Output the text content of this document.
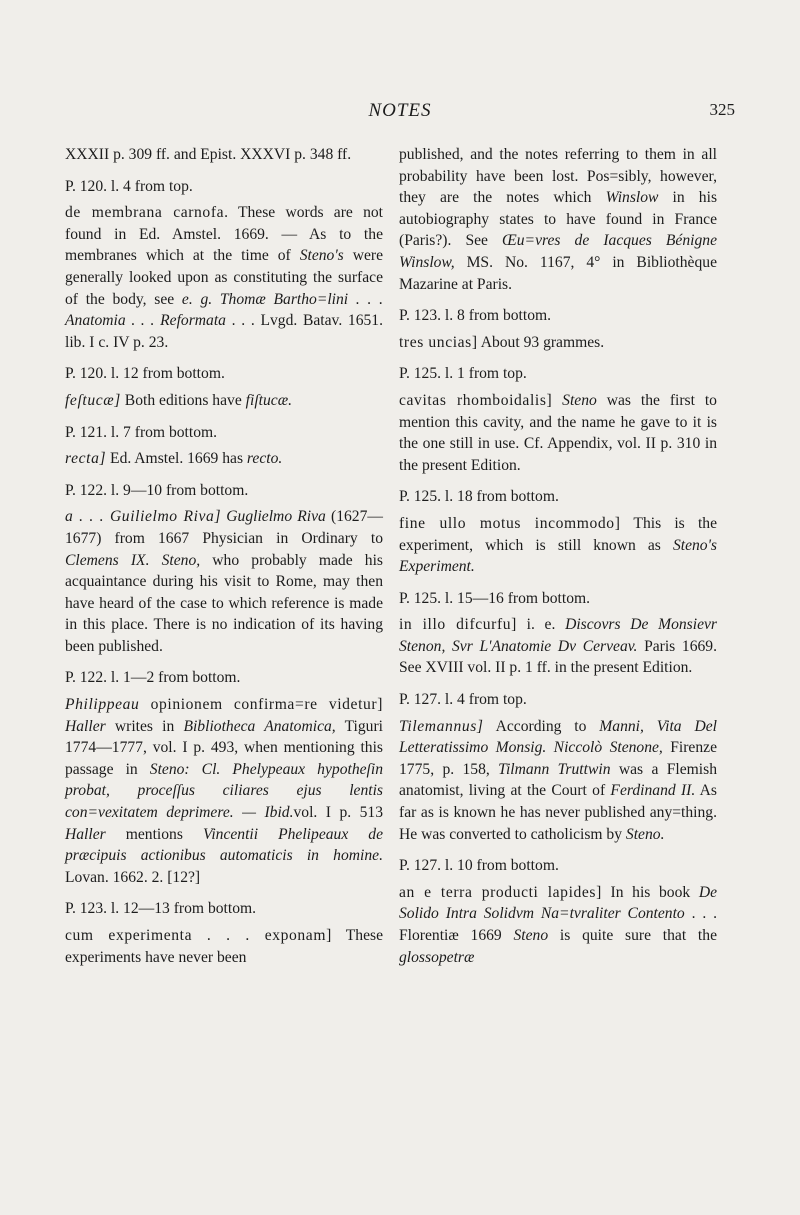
NOTES	325

XXXII p. 309 ff. and Epist. XXXVI p. 348 ff.

P. 120. l. 4 from top.

de membrana carnofa. These words are not found in Ed. Amstel. 1669. — As to the membranes which at the time of Steno's were generally looked upon as constituting the surface of the body, see e. g. Thomæ Bartho=lini . . . Anatomia . . . Reformata . . . Lvgd. Batav. 1651. lib. I c. IV p. 23.

P. 120. l. 12 from bottom.

feſtucæ] Both editions have fiſtucæ.

P. 121. l. 7 from bottom.

recta] Ed. Amstel. 1669 has recto.

P. 122. l. 9—10 from bottom.

a . . . Guilielmo Riva] Guglielmo Riva (1627—1677) from 1667 Physician in Ordinary to Clemens IX. Steno, who probably made his acquaintance during his visit to Rome, may then have heard of the case to which reference is made in this place. There is no indication of its having been published.

P. 122. l. 1—2 from bottom.

Philippeau opinionem confirma=re videtur] Haller writes in Bibliotheca Anatomica, Tiguri 1774—1777, vol. I p. 493, when mentioning this passage in Steno: Cl. Phelypeaux hypotheſin probat, proceſſus ciliares ejus lentis con=vexitatem deprimere. — Ibid.vol. I p. 513 Haller mentions Vincentii Phelipeaux de præcipuis actionibus automaticis in homine. Lovan. 1662. 2. [12?]

P. 123. l. 12—13 from bottom.

cum experimenta . . . exponam] These experiments have never been

published, and the notes referring to them in all probability have been lost. Pos=sibly, however, they are the notes which Winslow in his autobiography states to have found in France (Paris?). See Œu=vres de Iacques Bénigne Winslow, MS. No. 1167, 4° in Bibliothèque Mazarine at Paris.

P. 123. l. 8 from bottom.

tres uncias] About 93 grammes.

P. 125. l. 1 from top.

cavitas rhomboidalis] Steno was the first to mention this cavity, and the name he gave to it is the one still in use. Cf. Appendix, vol. II p. 310 in the present Edition.

P. 125. l. 18 from bottom.

fine ullo motus incommodo] This is the experiment, which is still known as Steno's Experiment.

P. 125. l. 15—16 from bottom.

in illo difcurfu] i. e. Discovrs De Monsievr Stenon, Svr L'Anatomie Dv Cerveav. Paris 1669. See XVIII vol. II p. 1 ff. in the present Edition.

P. 127. l. 4 from top.

Tilemannus] According to Manni, Vita Del Letteratissimo Monsig. Niccolò Stenone, Firenze 1775, p. 158, Tilmann Truttwin was a Flemish anatomist, living at the Court of Ferdinand II. As far as is known he has never published any=thing. He was converted to catholicism by Steno.

P. 127. l. 10 from bottom.

an e terra producti lapides] In his book De Solido Intra Solidvm Na=tvraliter Contento . . . Florentiæ 1669 Steno is quite sure that the glossopetræ
